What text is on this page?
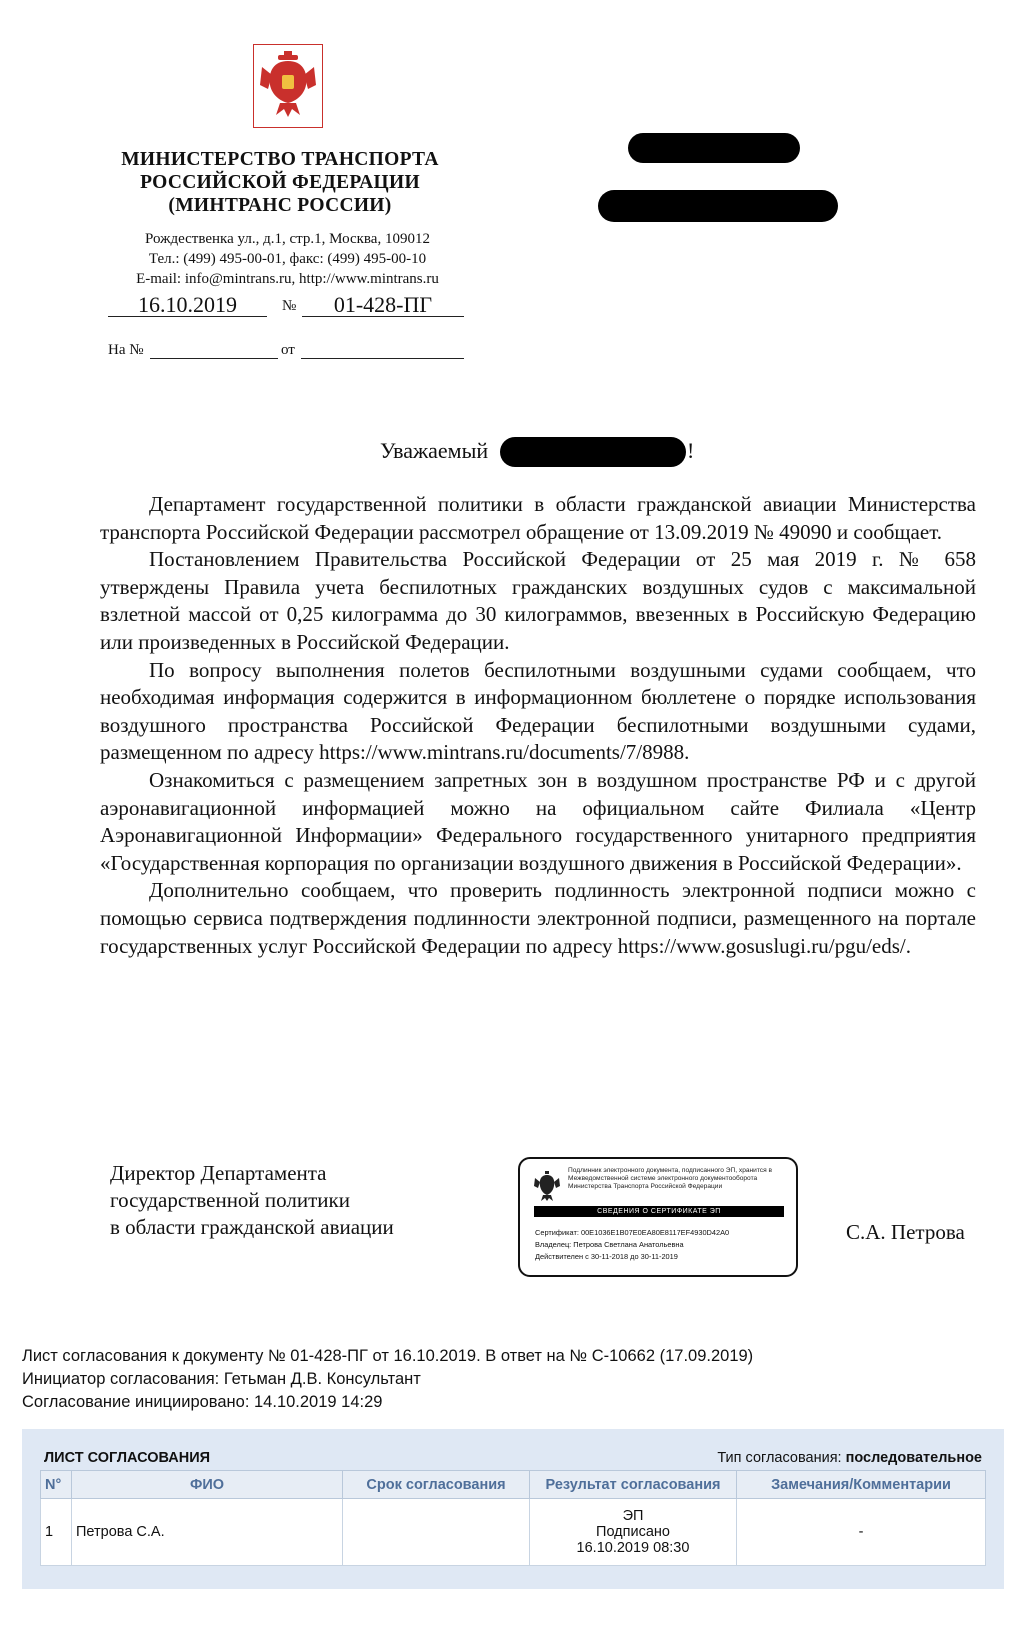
МИНИСТЕРСТВО ТРАНСПОРТА
РОССИЙСКОЙ ФЕДЕРАЦИИ
(МИНТРАНС РОССИИ)
Рождественка ул., д.1, стр.1, Москва, 109012
Тел.: (499) 495-00-01, факс: (499) 495-00-10
E-mail: info@mintrans.ru, http://www.mintrans.ru
16.10.2019	№	01-428-ПГ
На №	от
Уважаемый	!

Департамент государственной политики в области гражданской авиации Министерства транспорта Российской Федерации рассмотрел обращение от 13.09.2019 № 49090 и сообщает.

Постановлением Правительства Российской Федерации от 25 мая 2019 г. № 658 утверждены Правила учета беспилотных гражданских воздушных судов с максимальной взлетной массой от 0,25 килограмма до 30 килограммов, ввезенных в Российскую Федерацию или произведенных в Российской Федерации.

По вопросу выполнения полетов беспилотными воздушными судами сообщаем, что необходимая информация содержится в информационном бюллетене о порядке использования воздушного пространства Российской Федерации беспилотными воздушными судами, размещенном по адресу https://www.mintrans.ru/documents/7/8988.

Ознакомиться с размещением запретных зон в воздушном пространстве РФ и с другой аэронавигационной информацией можно на официальном сайте Филиала «Центр Аэронавигационной Информации» Федерального государственного унитарного предприятия «Государственная корпорация по организации воздушного движения в Российской Федерации».

Дополнительно сообщаем, что проверить подлинность электронной подписи можно с помощью сервиса подтверждения подлинности электронной подписи, размещенного на портале государственных услуг Российской Федерации по адресу https://www.gosuslugi.ru/pgu/eds/.

Директор Департамента
государственной политики
в области гражданской авиации
Подлинник электронного документа, подписанного ЭП, хранится в Межведомственной системе электронного документооборота Министерства Транспорта Российской Федерации
СВЕДЕНИЯ О СЕРТИФИКАТЕ ЭП
Сертификат: 00E1036E1B07E0EA80E8117EF4930D42A0
Владелец: Петрова Светлана Анатольевна
Действителен с 30-11-2018 до 30-11-2019
С.А. Петрова
Лист согласования к документу № 01-428-ПГ от 16.10.2019. В ответ на № С-10662 (17.09.2019)
Инициатор согласования: Гетьман Д.В. Консультант
Согласование инициировано: 14.10.2019 14:29
ЛИСТ СОГЛАСОВАНИЯ	Тип согласования: последовательное
N°	ФИО	Срок согласования	Результат согласования	Замечания/Комментарии
1	Петрова С.А.		ЭП
Подписано
16.10.2019 08:30	-
